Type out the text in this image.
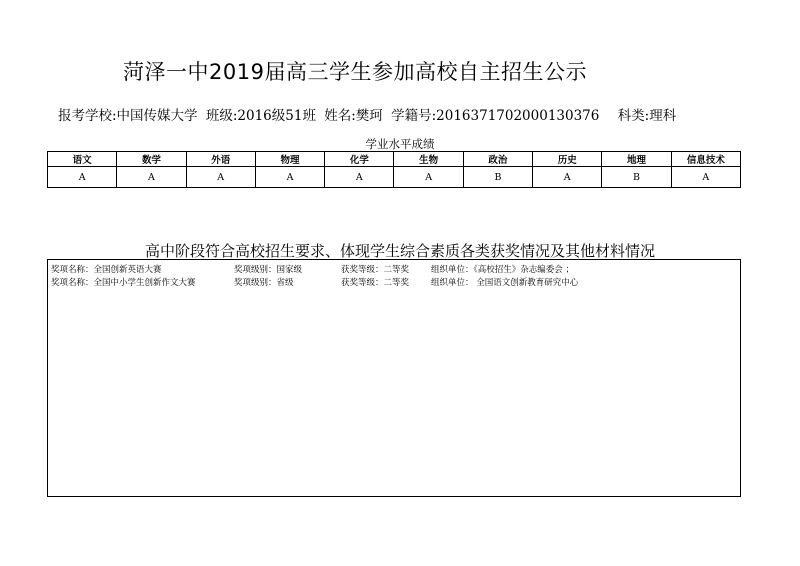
菏泽一中2019届高三学生参加高校自主招生公示
报考学校:中国传媒大学 班级:2016级51班 姓名:樊珂 学籍号:2016371702000130376 科类:理科
学业水平成绩
语文	数学	外语	物理	化学	生物	政治	历史	地理	信息技术
A	A	A	A	A	A	B	A	B	A
高中阶段符合高校招生要求、体现学生综合素质各类获奖情况及其他材料情况
奖项名称：全国创新英语大赛	奖项级别：国家级	获奖等级：二等奖	组织单位：《高校招生》杂志编委会 ；
奖项名称：全国中小学生创新作文大赛	奖项级别：省级	获奖等级：二等奖	组织单位： 全国语文创新教育研究中心
